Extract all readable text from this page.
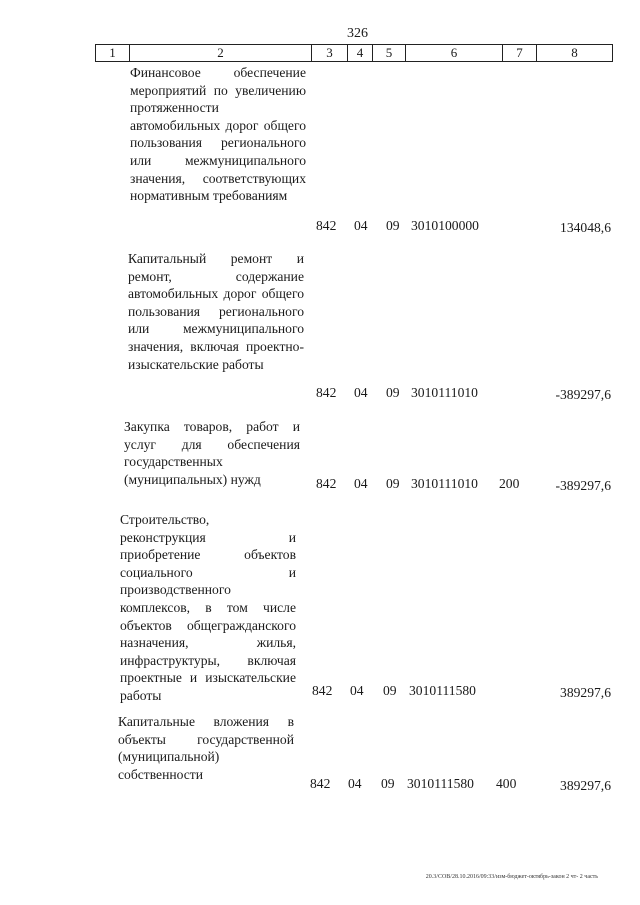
326
1	2	3	4	5	6	7	8
Финансовое обеспечение мероприятий по увеличению протяженности автомобильных дорог общего пользования регионального или межмуниципального значения, соответствующих нормативным требованиям
842 04 09 3010100000	134048,6
Капитальный ремонт и ремонт, содержание автомобильных дорог общего пользования регионального или межмуниципального значения, включая проектно-изыскательские работы
842 04 09 3010111010	-389297,6
Закупка товаров, работ и услуг для обеспечения государственных (муниципальных) нужд	842 04 09 3010111010 200	-389297,6
Строительство, реконструкция и приобретение объектов социального и производственного комплексов, в том числе объектов общегражданского назначения, жилья, инфраструктуры, включая проектные и изыскательские работы	842 04 09 3010111580	389297,6
Капитальные вложения в объекты государственной (муниципальной) собственности
842 04 09 3010111580 400	389297,6
20.3/СОВ/28.10.2016/09:33/изм-бюджет-октябрь-закон 2 чт- 2 часть
